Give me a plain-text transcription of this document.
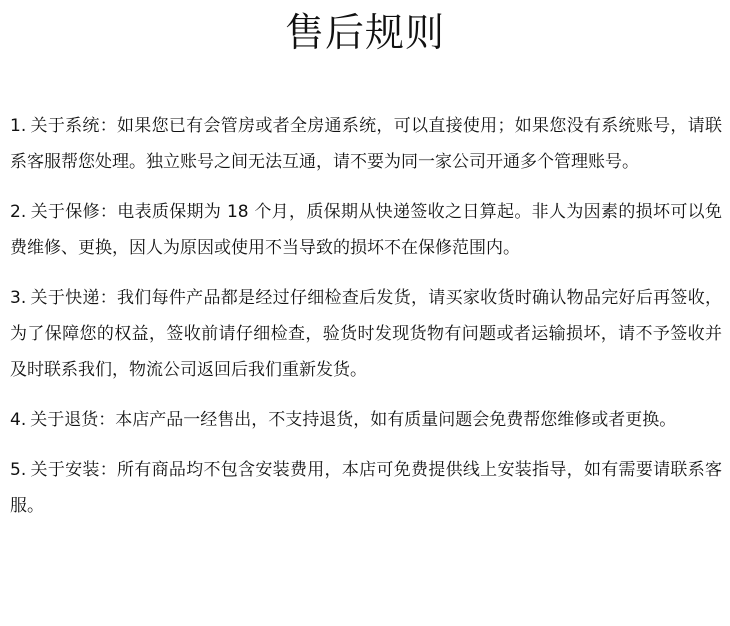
售后规则
1. 关于系统：如果您已有会管房或者全房通系统，可以直接使用；如果您没有系统账号，请联系客服帮您处理。独立账号之间无法互通，请不要为同一家公司开通多个管理账号。
2. 关于保修：电表质保期为 18 个月，质保期从快递签收之日算起。非人为因素的损坏可以免费维修、更换，因人为原因或使用不当导致的损坏不在保修范围内。
3. 关于快递：我们每件产品都是经过仔细检查后发货，请买家收货时确认物品完好后再签收，为了保障您的权益，签收前请仔细检查，验货时发现货物有问题或者运输损坏，请不予签收并及时联系我们，物流公司返回后我们重新发货。
4. 关于退货：本店产品一经售出，不支持退货，如有质量问题会免费帮您维修或者更换。
5. 关于安装：所有商品均不包含安装费用，本店可免费提供线上安装指导，如有需要请联系客服。
